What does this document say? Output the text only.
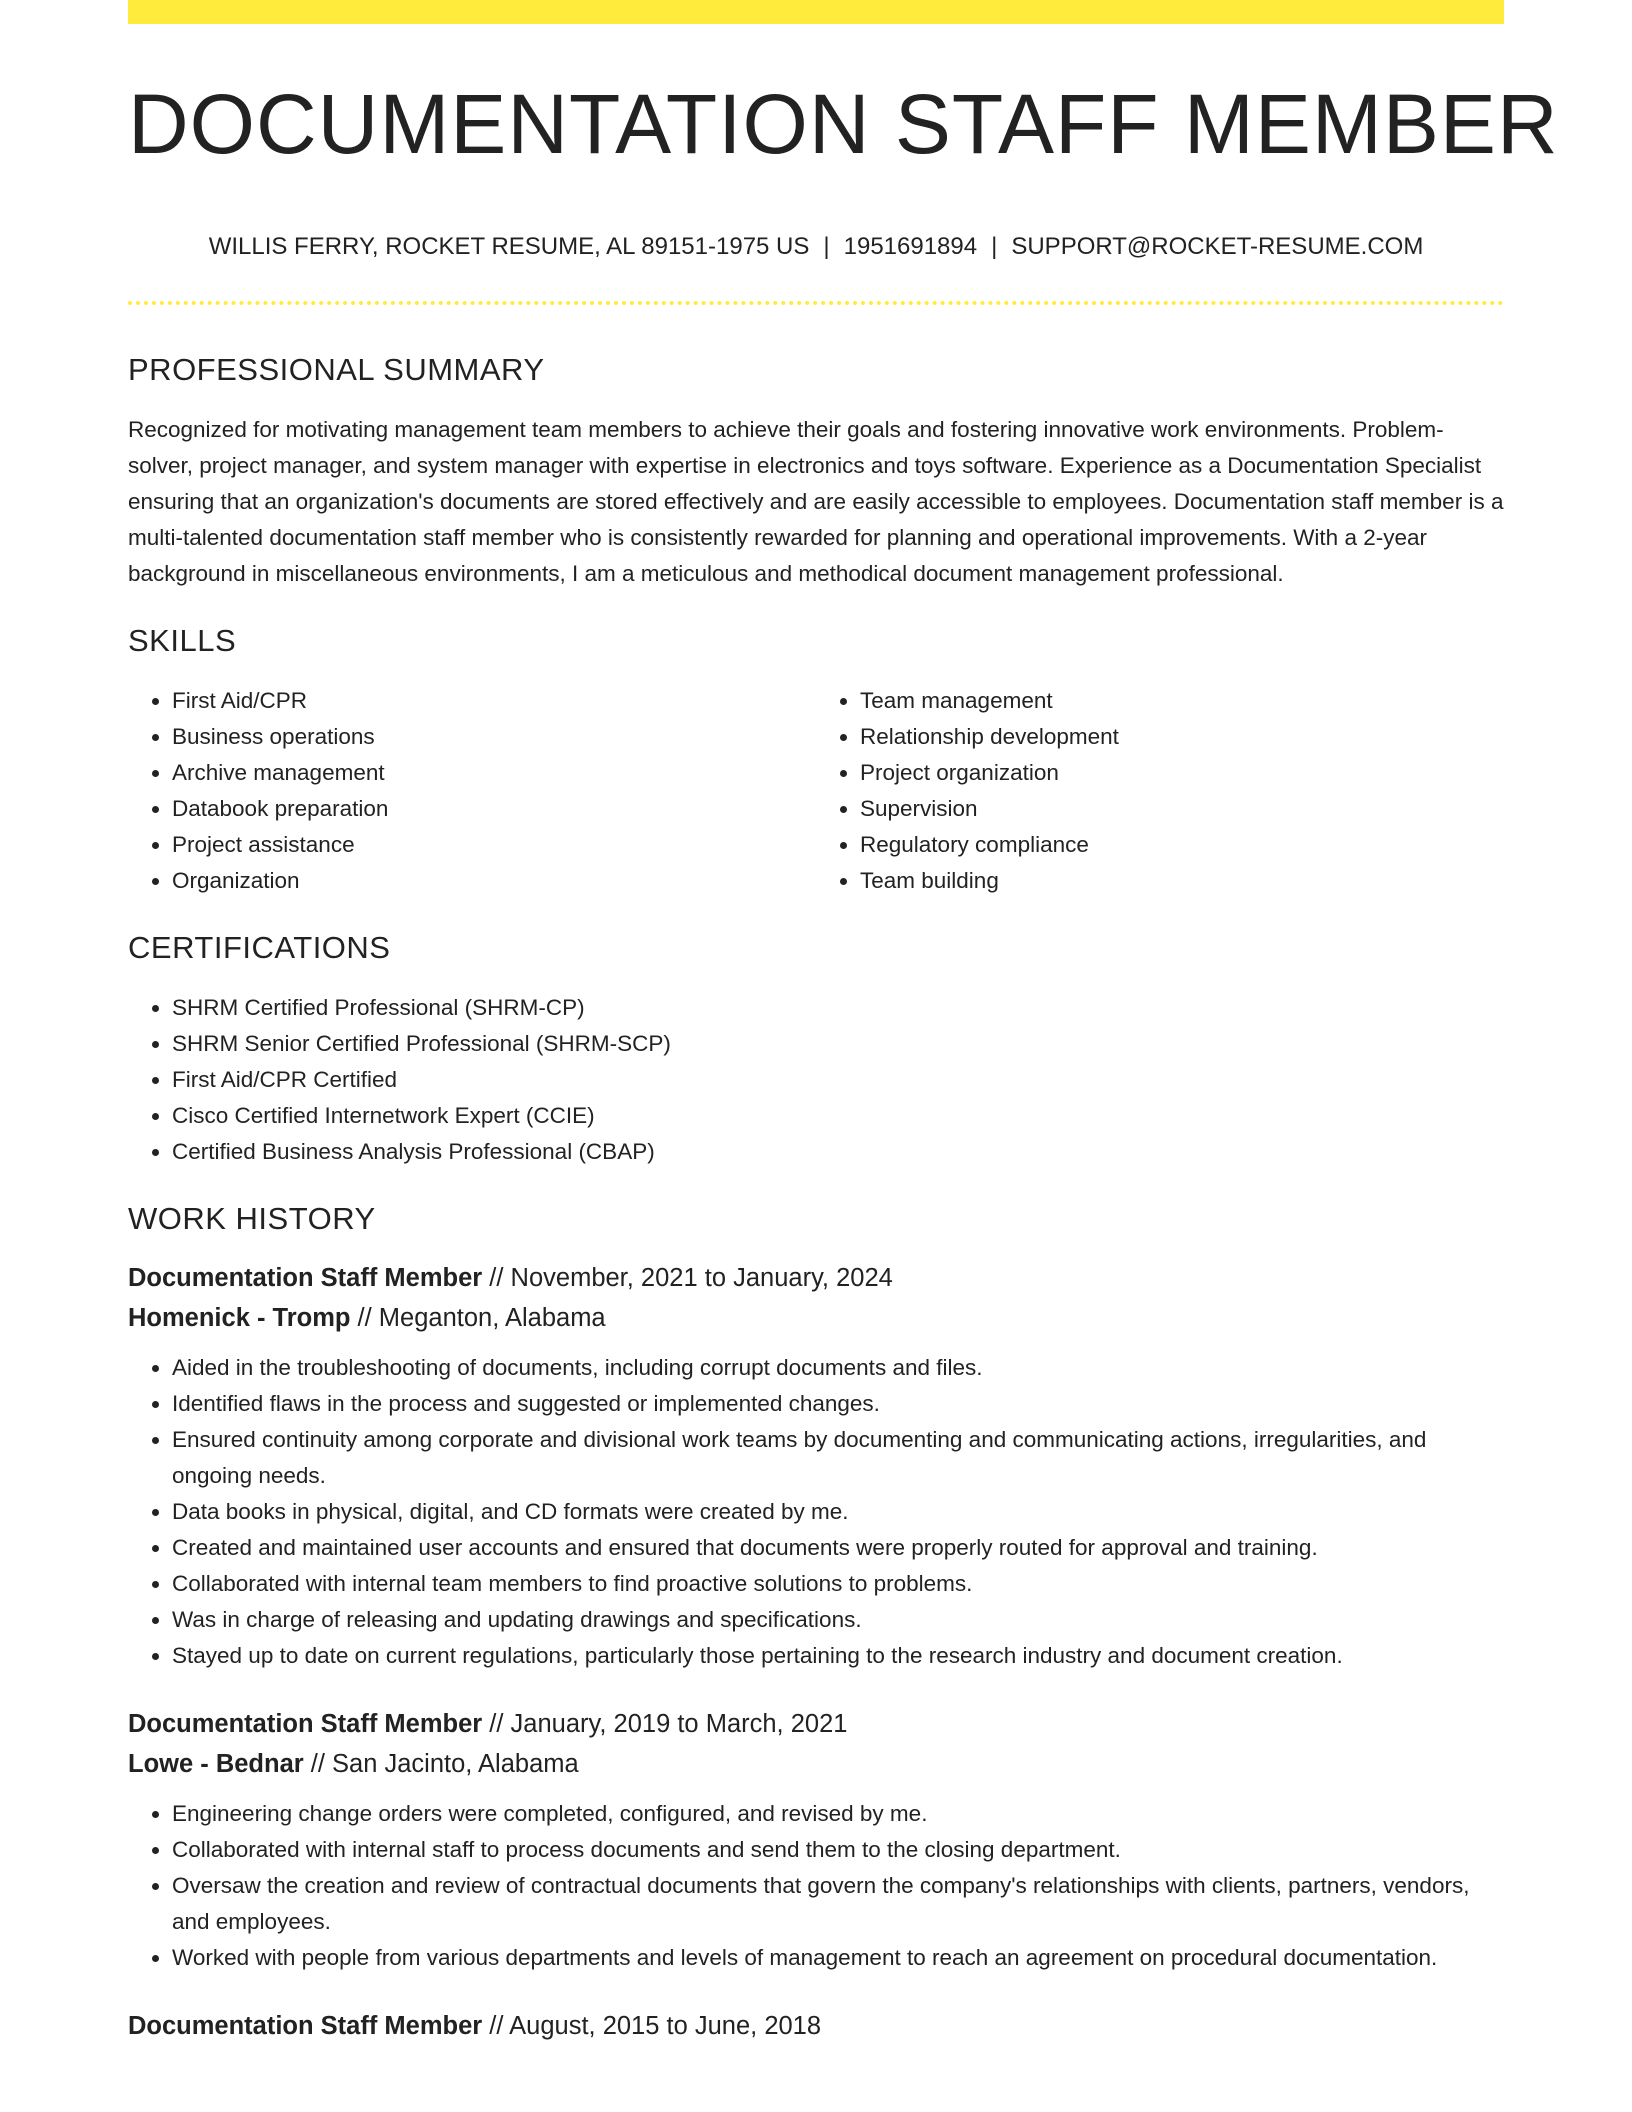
DOCUMENTATION STAFF MEMBER
WILLIS FERRY, ROCKET RESUME, AL 89151-1975 US | 1951691894 | SUPPORT@ROCKET-RESUME.COM
PROFESSIONAL SUMMARY
Recognized for motivating management team members to achieve their goals and fostering innovative work environments. Problem-solver, project manager, and system manager with expertise in electronics and toys software. Experience as a Documentation Specialist ensuring that an organization's documents are stored effectively and are easily accessible to employees. Documentation staff member is a multi-talented documentation staff member who is consistently rewarded for planning and operational improvements. With a 2-year background in miscellaneous environments, I am a meticulous and methodical document management professional.
SKILLS
• First Aid/CPR
• Business operations
• Archive management
• Databook preparation
• Project assistance
• Organization
• Team management
• Relationship development
• Project organization
• Supervision
• Regulatory compliance
• Team building
CERTIFICATIONS
• SHRM Certified Professional (SHRM-CP)
• SHRM Senior Certified Professional (SHRM-SCP)
• First Aid/CPR Certified
• Cisco Certified Internetwork Expert (CCIE)
• Certified Business Analysis Professional (CBAP)
WORK HISTORY
Documentation Staff Member // November, 2021 to January, 2024
Homenick - Tromp // Meganton, Alabama
• Aided in the troubleshooting of documents, including corrupt documents and files.
• Identified flaws in the process and suggested or implemented changes.
• Ensured continuity among corporate and divisional work teams by documenting and communicating actions, irregularities, and ongoing needs.
• Data books in physical, digital, and CD formats were created by me.
• Created and maintained user accounts and ensured that documents were properly routed for approval and training.
• Collaborated with internal team members to find proactive solutions to problems.
• Was in charge of releasing and updating drawings and specifications.
• Stayed up to date on current regulations, particularly those pertaining to the research industry and document creation.
Documentation Staff Member // January, 2019 to March, 2021
Lowe - Bednar // San Jacinto, Alabama
• Engineering change orders were completed, configured, and revised by me.
• Collaborated with internal staff to process documents and send them to the closing department.
• Oversaw the creation and review of contractual documents that govern the company's relationships with clients, partners, vendors, and employees.
• Worked with people from various departments and levels of management to reach an agreement on procedural documentation.
Documentation Staff Member // August, 2015 to June, 2018
